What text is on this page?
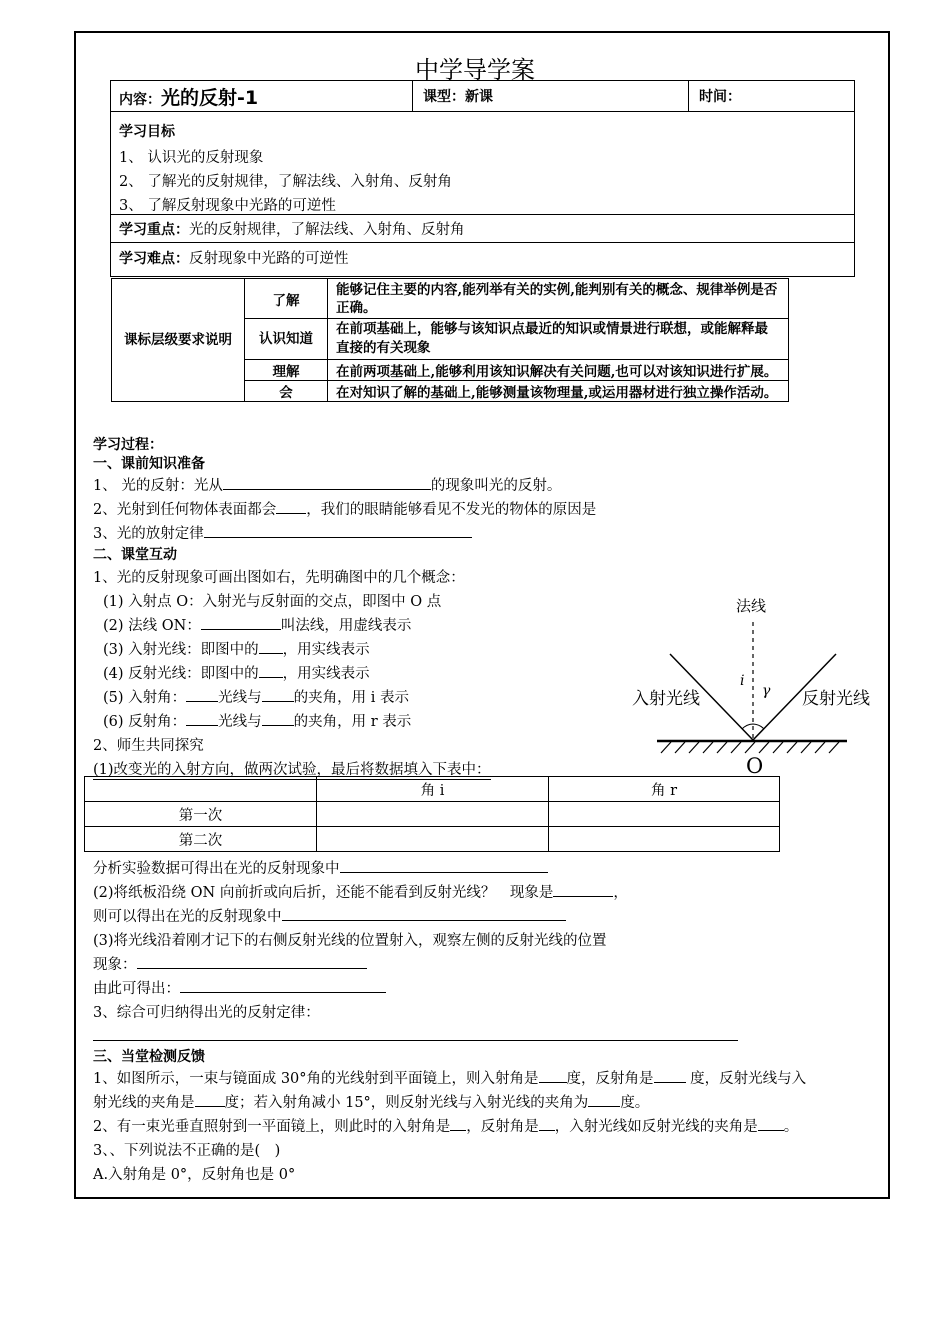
中学导学案
内容：光的反射-1	课型：新课	时间：
学习目标
1、 认识光的反射现象
2、 了解光的反射规律，了解法线、入射角、反射角
3、 了解反射现象中光路的可逆性
学习重点：光的反射规律，了解法线、入射角、反射角
学习难点：反射现象中光路的可逆性
课标层级要求说明	了解	能够记住主要的内容,能列举有关的实例,能判别有关的概念、规律举例是否正确。
	认识知道	在前项基础上，能够与该知识点最近的知识或情景进行联想，或能解释最直接的有关现象
	理解	在前两项基础上,能够利用该知识解决有关问题,也可以对该知识进行扩展。
	会	在对知识了解的基础上,能够测量该物理量,或运用器材进行独立操作活动。
学习过程：
一、课前知识准备
1、 光的反射：光从	的现象叫光的反射。
2、光射到任何物体表面都会 ，我们的眼睛能够看见不发光的物体的原因是
3、光的放射定律
二、课堂互动
1、光的反射现象可画出图如右，先明确图中的几个概念：
(1) 入射点 O：入射光与反射面的交点，即图中 O 点
(2) 法线 ON：	叫法线，用虚线表示
(3) 入射光线：即图中的 ，用实线表示
(4) 反射光线：即图中的 ，用实线表示
(5) 入射角： 光线与 的夹角，用 i 表示
(6) 反射角： 光线与 的夹角，用 r 表示
2、师生共同探究
(1)改变光的入射方向，做两次试验，最后将数据填入下表中：
	角 i	角 r
第一次		
第二次		
分析实验数据可得出在光的反射现象中
(2)将纸板沿绕 ON 向前折或向后折，还能不能看到反射光线？　现象是	，
则可以得出在光的反射现象中
(3)将光线沿着刚才记下的右侧反射光线的位置射入，观察左侧的反射光线的位置
现象：
由此可得出：
3、综合可归纳得出光的反射定律：
三、当堂检测反馈
1、如图所示，一束与镜面成 30°角的光线射到平面镜上，则入射角是 度，反射角是 度，反射光线与入
射光线的夹角是 度；若入射角减小 15°，则反射光线与入射光线的夹角为 度。
2、有一束光垂直照射到一平面镜上，则此时的入射角是 ，反射角是 ，入射光线如反射光线的夹角是 。
3、、下列说法不正确的是(　)
A.入射角是 0°，反射角也是 0°
法线
入射光线	反射光线
i
γ
O
